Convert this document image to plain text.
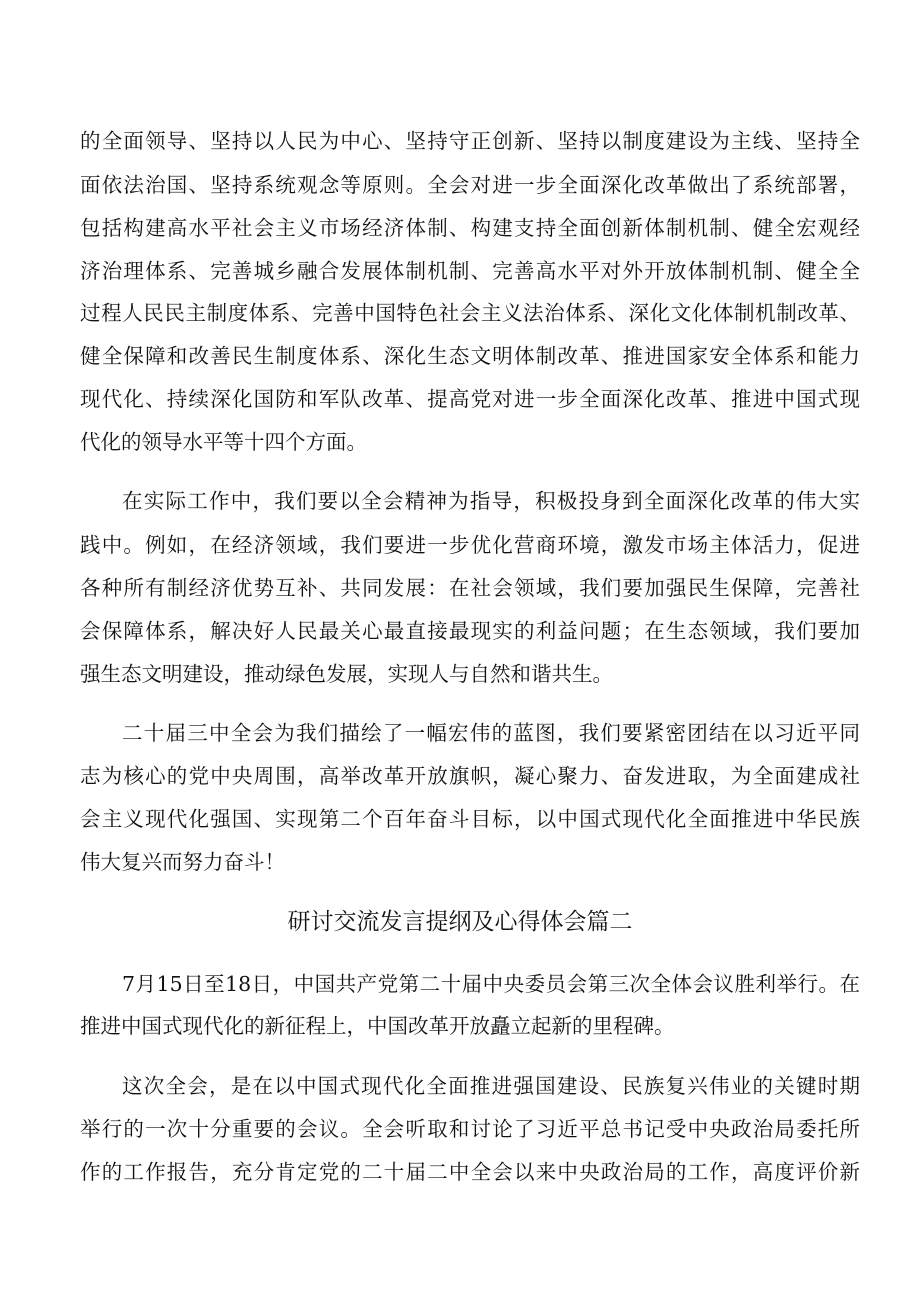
的全面领导、坚持以人民为中心、坚持守正创新、坚持以制度建设为主线、坚持全
面依法治国、坚持系统观念等原则。全会对进一步全面深化改革做出了系统部署，
包括构建高水平社会主义市场经济体制、构建支持全面创新体制机制、健全宏观经
济治理体系、完善城乡融合发展体制机制、完善高水平对外开放体制机制、健全全
过程人民民主制度体系、完善中国特色社会主义法治体系、深化文化体制机制改革、
健全保障和改善民生制度体系、深化生态文明体制改革、推进国家安全体系和能力
现代化、持续深化国防和军队改革、提高党对进一步全面深化改革、推进中国式现
代化的领导水平等十四个方面。
在实际工作中，我们要以全会精神为指导，积极投身到全面深化改革的伟大实
践中。例如，在经济领域，我们要进一步优化营商环境，激发市场主体活力，促进
各种所有制经济优势互补、共同发展：在社会领域，我们要加强民生保障，完善社
会保障体系，解决好人民最关心最直接最现实的利益问题；在生态领域，我们要加
强生态文明建设，推动绿色发展，实现人与自然和谐共生。
二十届三中全会为我们描绘了一幅宏伟的蓝图，我们要紧密团结在以习近平同
志为核心的党中央周围，高举改革开放旗帜，凝心聚力、奋发进取，为全面建成社
会主义现代化强国、实现第二个百年奋斗目标，以中国式现代化全面推进中华民族
伟大复兴而努力奋斗！
研讨交流发言提纲及心得体会篇二
7月15日至18日，中国共产党第二十届中央委员会第三次全体会议胜利举行。在
推进中国式现代化的新征程上，中国改革开放矗立起新的里程碑。
这次全会，是在以中国式现代化全面推进强国建设、民族复兴伟业的关键时期
举行的一次十分重要的会议。全会听取和讨论了习近平总书记受中央政治局委托所
作的工作报告，充分肯定党的二十届二中全会以来中央政治局的工作，高度评价新
